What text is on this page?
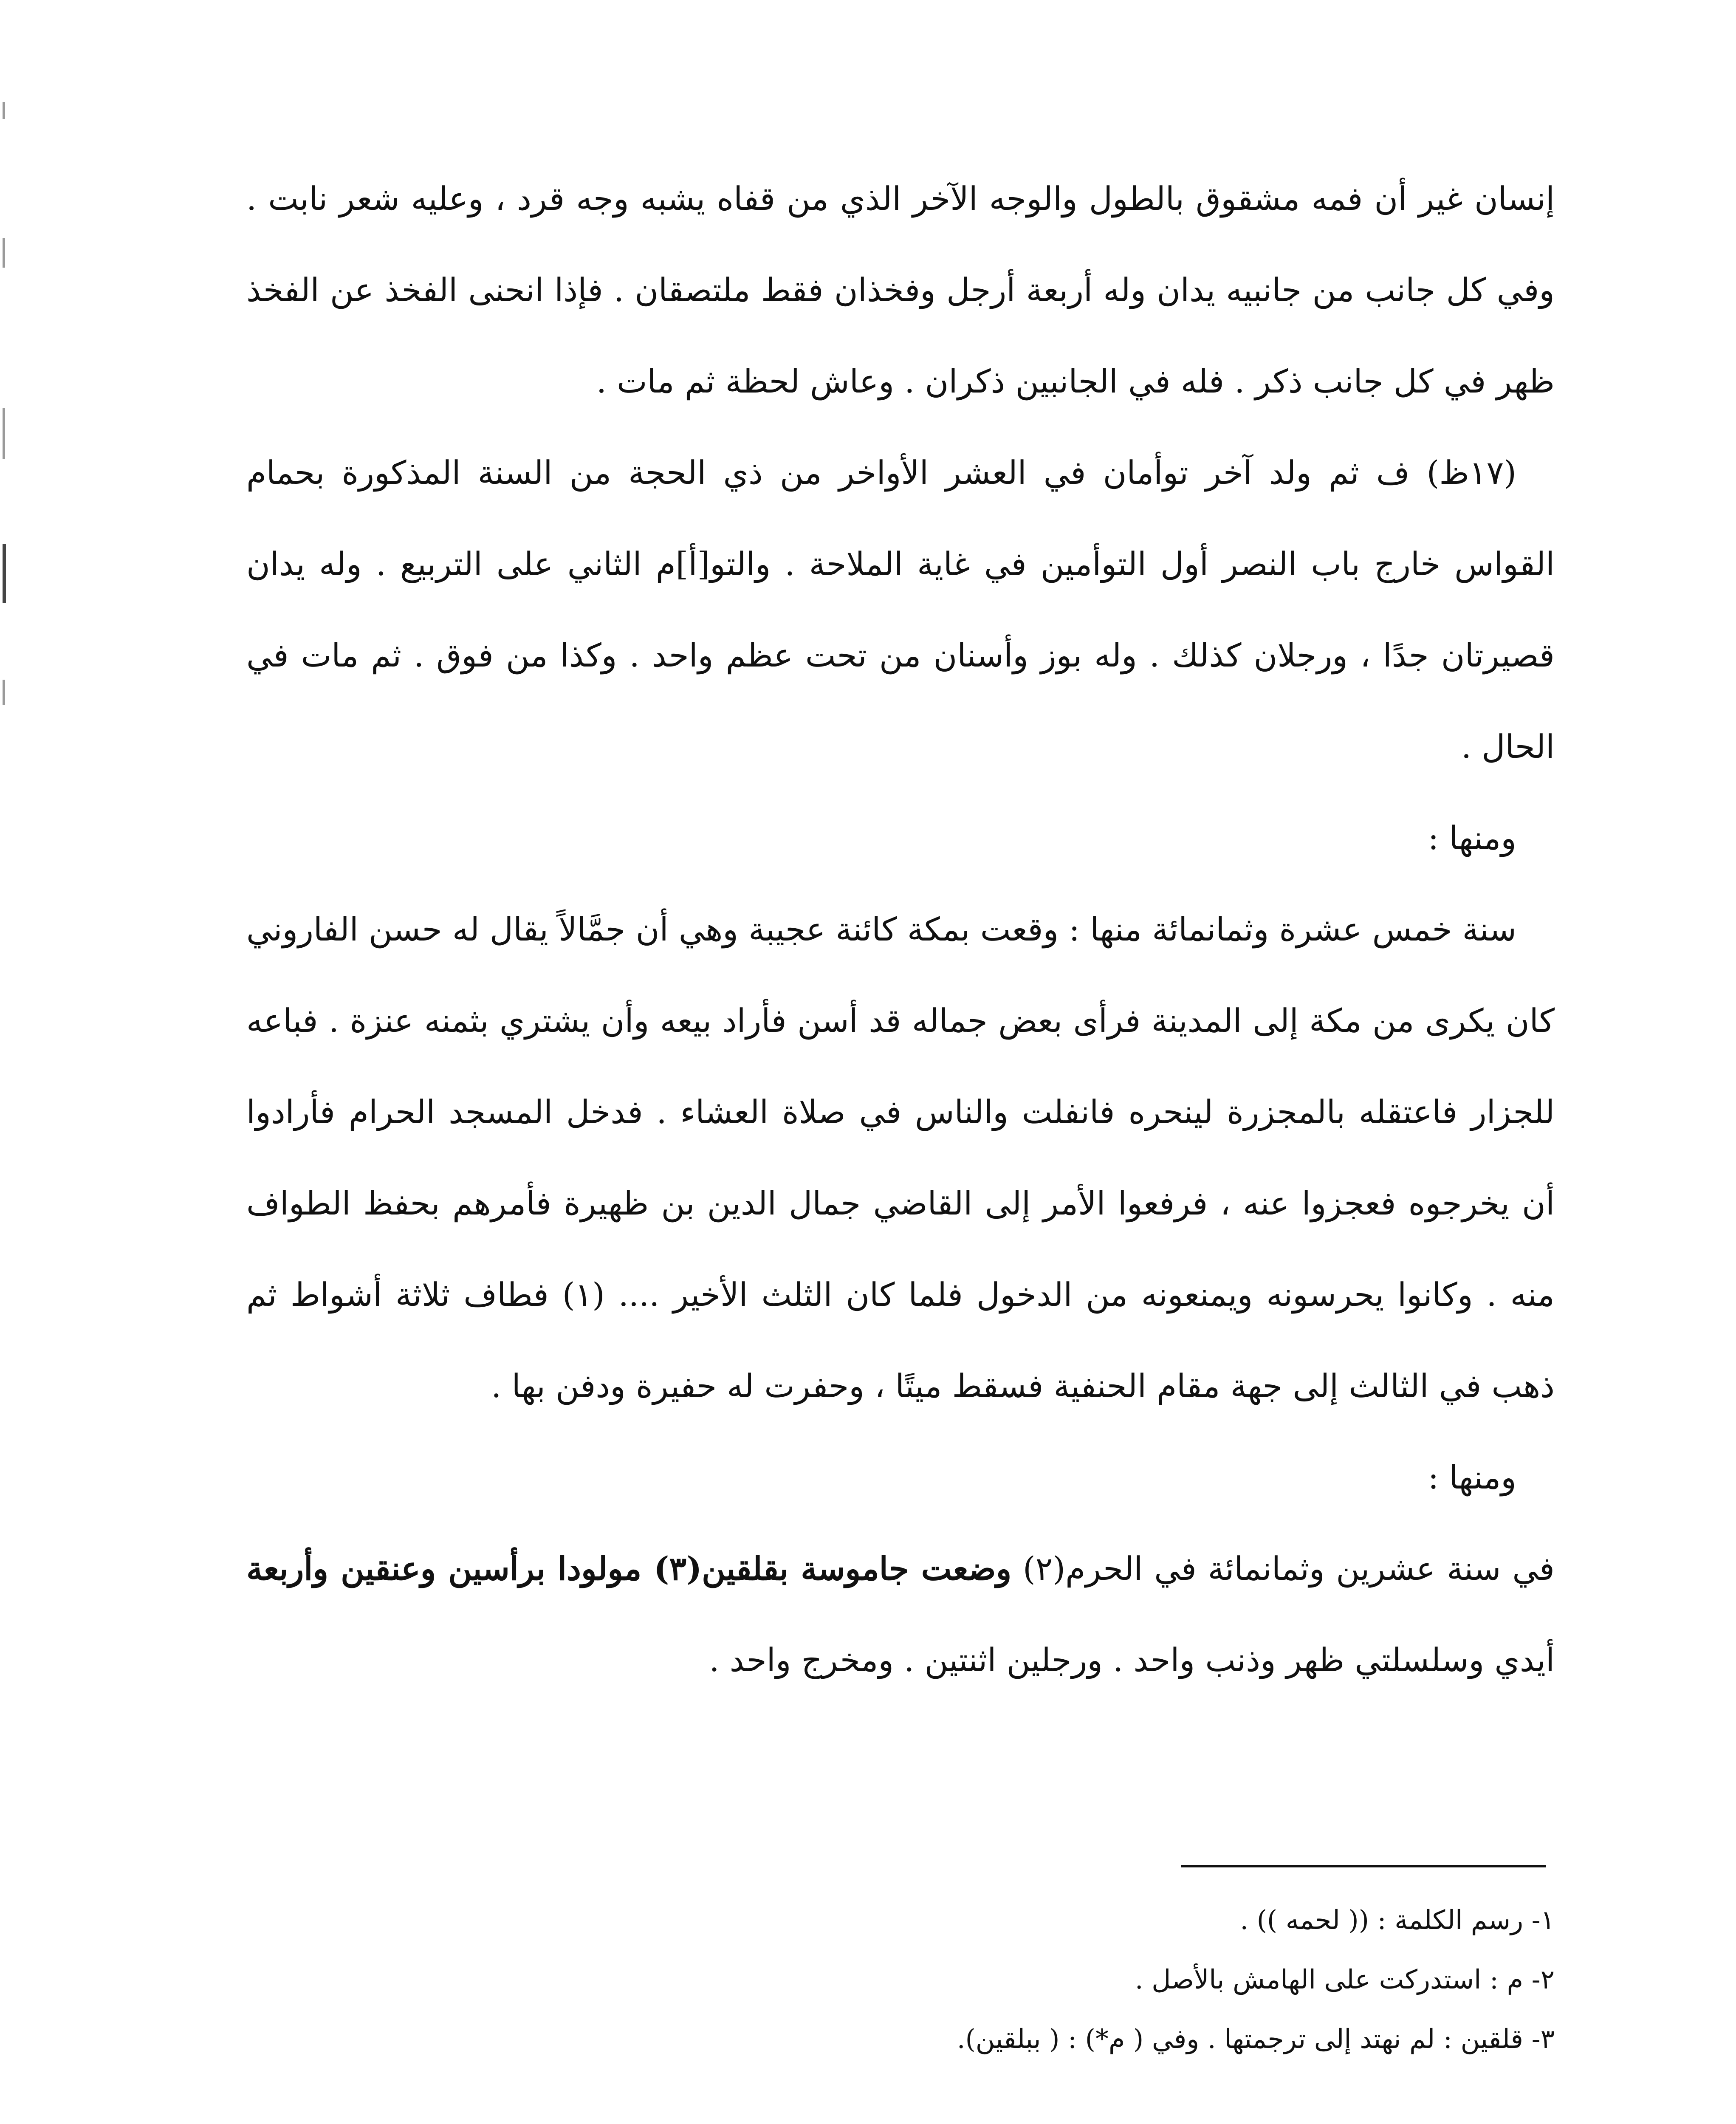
إنسان غير أن فمه مشقوق بالطول والوجه الآخر الذي من قفاه يشبه وجه قرد ، وعليه شعر نابت . وفي كل جانب من جانبيه يدان وله أربعة أرجل وفخذان فقط ملتصقان . فإذا انحنى الفخذ عن الفخذ ظهر في كل جانب ذكر . فله في الجانبين ذكران . وعاش لحظة ثم مات .

(١٧ظ) ف ثم ولد آخر توأمان في العشر الأواخر من ذي الحجة من السنة المذكورة بحمام القواس خارج باب النصر أول التوأمين في غاية الملاحة . والتو[أ]م الثاني على التربيع . وله يدان قصيرتان جدًا ، ورجلان كذلك . وله بوز وأسنان من تحت عظم واحد . وكذا من فوق . ثم مات في الحال .

ومنها :

سنة خمس عشرة وثمانمائة منها : وقعت بمكة كائنة عجيبة وهي أن جمَّالاً يقال له حسن الفاروني كان يكرى من مكة إلى المدينة فرأى بعض جماله قد أسن فأراد بيعه وأن يشتري بثمنه عنزة . فباعه للجزار فاعتقله بالمجزرة لينحره فانفلت والناس في صلاة العشاء . فدخل المسجد الحرام فأرادوا أن يخرجوه فعجزوا عنه ، فرفعوا الأمر إلى القاضي جمال الدين بن ظهيرة فأمرهم بحفظ الطواف منه . وكانوا يحرسونه ويمنعونه من الدخول فلما كان الثلث الأخير .... (١) فطاف ثلاثة أشواط ثم ذهب في الثالث إلى جهة مقام الحنفية فسقط ميتًا ، وحفرت له حفيرة ودفن بها .

ومنها :

في سنة عشرين وثمانمائة في الحرم(٢) وضعت جاموسة بقلقين(٣) مولودا برأسين وعنقين وأربعة أيدي وسلسلتي ظهر وذنب واحد . ورجلين اثنتين . ومخرج واحد .

١- رسم الكلمة : (( لحمه )) .

٢- م : استدركت على الهامش بالأصل .

٣- قلقين : لم نهتد إلى ترجمتها . وفي ( م*) : ( ببلقين).
